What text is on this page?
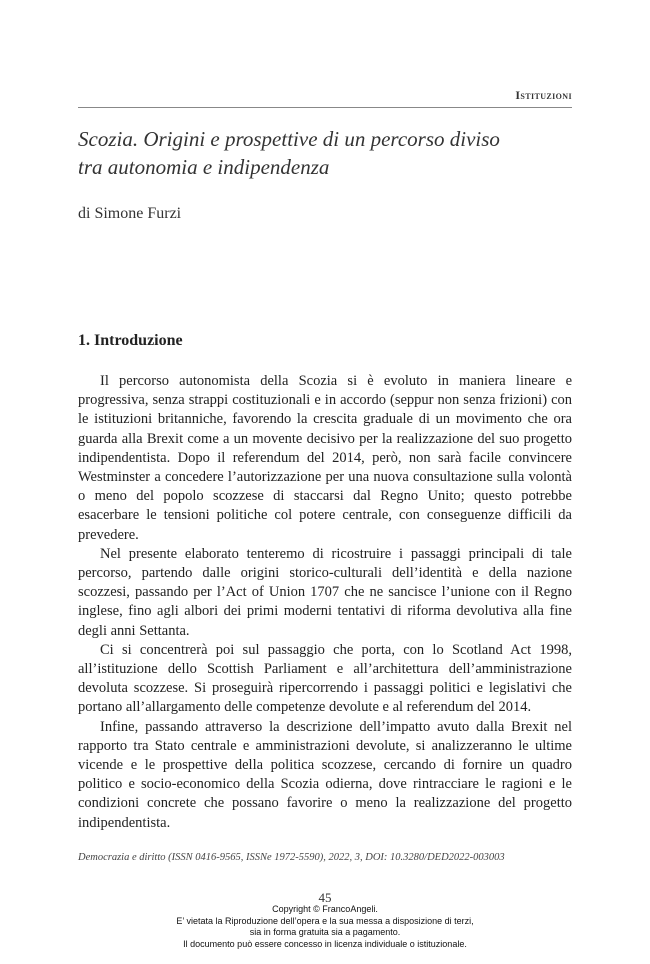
Istituzioni
Scozia. Origini e prospettive di un percorso diviso
tra autonomia e indipendenza
di Simone Furzi
1. Introduzione

Il percorso autonomista della Scozia si è evoluto in maniera lineare e progressiva, senza strappi costituzionali e in accordo (seppur non senza frizioni) con le istituzioni britanniche, favorendo la crescita graduale di un movimento che ora guarda alla Brexit come a un movente decisivo per la realizzazione del suo progetto indipendentista. Dopo il referendum del 2014, però, non sarà facile convincere Westminster a concedere l’autorizzazione per una nuova consultazione sulla volontà o meno del popolo scozzese di staccarsi dal Regno Unito; questo potrebbe esacerbare le tensioni politiche col potere centrale, con conseguenze difficili da prevedere.

Nel presente elaborato tenteremo di ricostruire i passaggi principali di tale percorso, partendo dalle origini storico-culturali dell’identità e della nazione scozzesi, passando per l’Act of Union 1707 che ne sancisce l’unione con il Regno inglese, fino agli albori dei primi moderni tentativi di riforma devolutiva alla fine degli anni Settanta.

Ci si concentrerà poi sul passaggio che porta, con lo Scotland Act 1998, all’istituzione dello Scottish Parliament e all’architettura dell’amministrazione devoluta scozzese. Si proseguirà ripercorrendo i passaggi politici e legislativi che portano all’allargamento delle competenze devolute e al referendum del 2014.

Infine, passando attraverso la descrizione dell’impatto avuto dalla Brexit nel rapporto tra Stato centrale e amministrazioni devolute, si analizzeranno le ultime vicende e le prospettive della politica scozzese, cercando di fornire un quadro politico e socio-economico della Scozia odierna, dove rintracciare le ragioni e le condizioni concrete che possano favorire o meno la realizzazione del progetto indipendentista.

Democrazia e diritto (ISSN 0416-9565, ISSNe 1972-5590), 2022, 3, DOI: 10.3280/DED2022-003003
45
Copyright © FrancoAngeli.
E’ vietata la Riproduzione dell’opera e la sua messa a disposizione di terzi,
sia in forma gratuita sia a pagamento.
Il documento può essere concesso in licenza individuale o istituzionale.
